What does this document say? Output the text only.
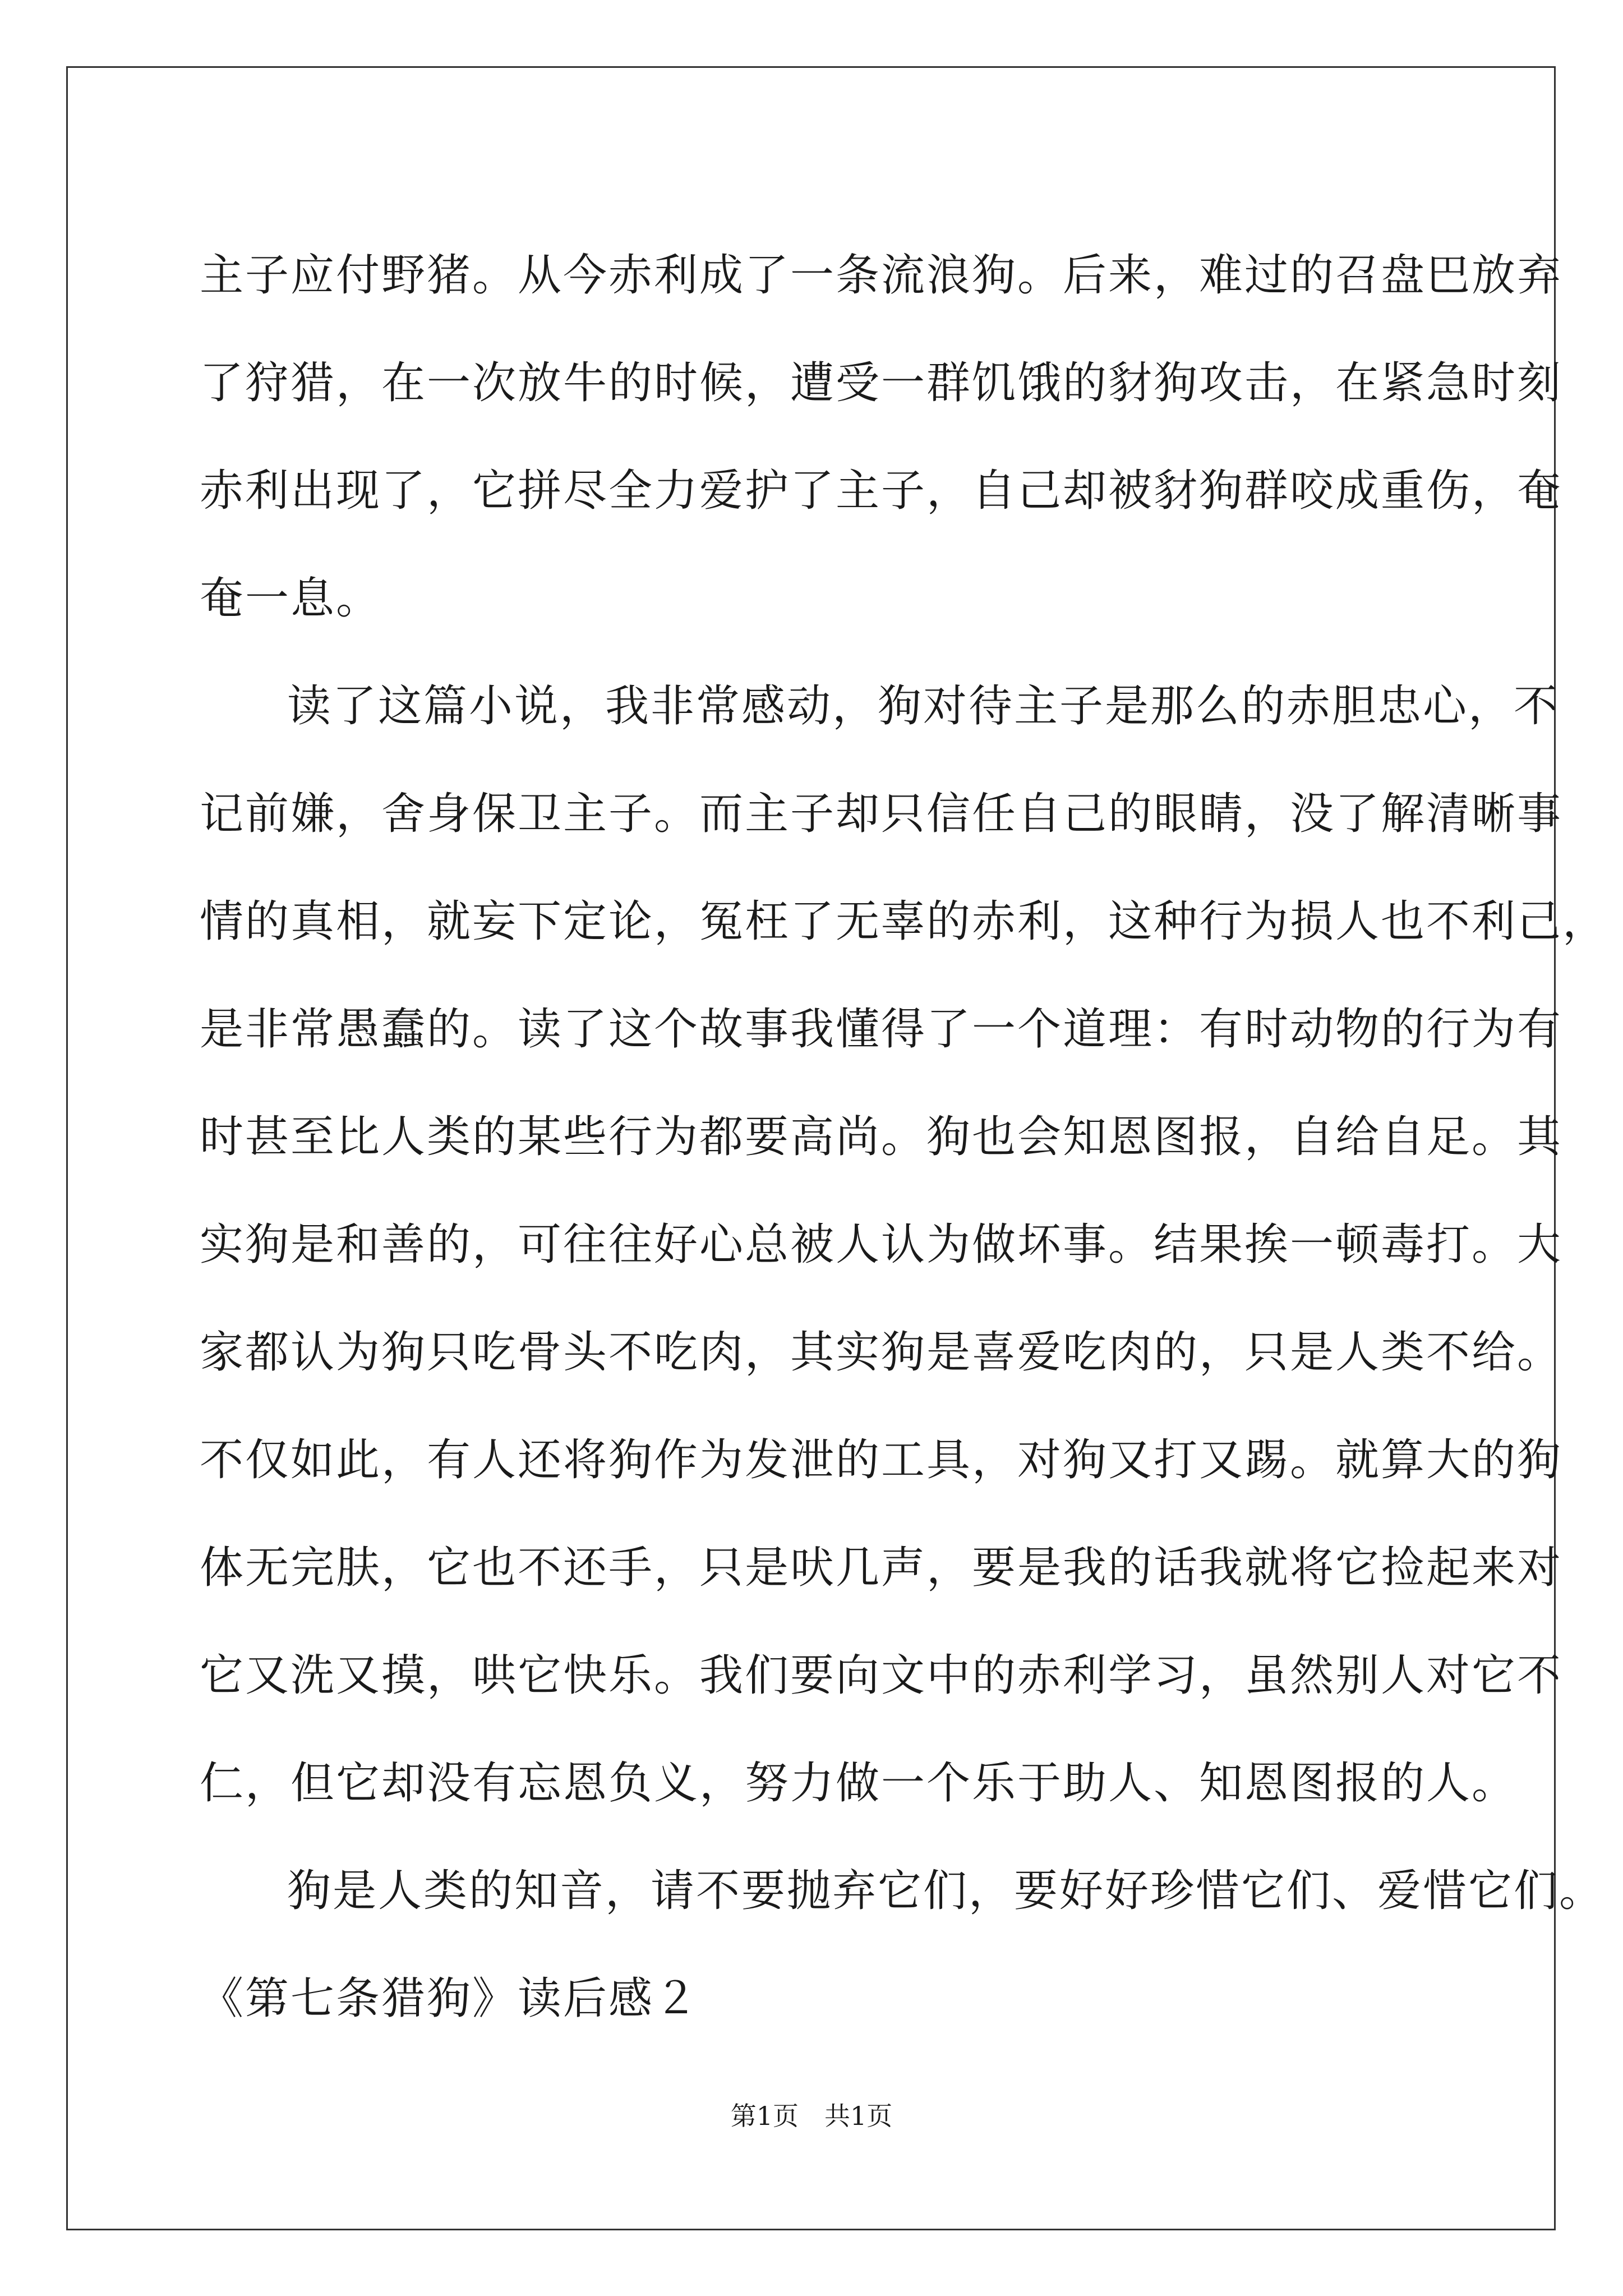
主子应付野猪。从今赤利成了一条流浪狗。后来，难过的召盘巴放弃
了狩猎，在一次放牛的时候，遭受一群饥饿的豺狗攻击，在紧急时刻
赤利出现了，它拼尽全力爱护了主子，自己却被豺狗群咬成重伤，奄
奄一息。
读了这篇小说，我非常感动，狗对待主子是那么的赤胆忠心，不
记前嫌，舍身保卫主子。而主子却只信任自己的眼睛，没了解清晰事
情的真相，就妄下定论，冤枉了无辜的赤利，这种行为损人也不利己，
是非常愚蠢的。读了这个故事我懂得了一个道理：有时动物的行为有
时甚至比人类的某些行为都要高尚。狗也会知恩图报，自给自足。其
实狗是和善的，可往往好心总被人认为做坏事。结果挨一顿毒打。大
家都认为狗只吃骨头不吃肉，其实狗是喜爱吃肉的，只是人类不给。
不仅如此，有人还将狗作为发泄的工具，对狗又打又踢。就算大的狗
体无完肤，它也不还手，只是吠几声，要是我的话我就将它捡起来对
它又洗又摸，哄它快乐。我们要向文中的赤利学习，虽然别人对它不
仁，但它却没有忘恩负义，努力做一个乐于助人、知恩图报的人。
狗是人类的知音，请不要抛弃它们，要好好珍惜它们、爱惜它们。
《第七条猎狗》读后感２
第1页 共1页
